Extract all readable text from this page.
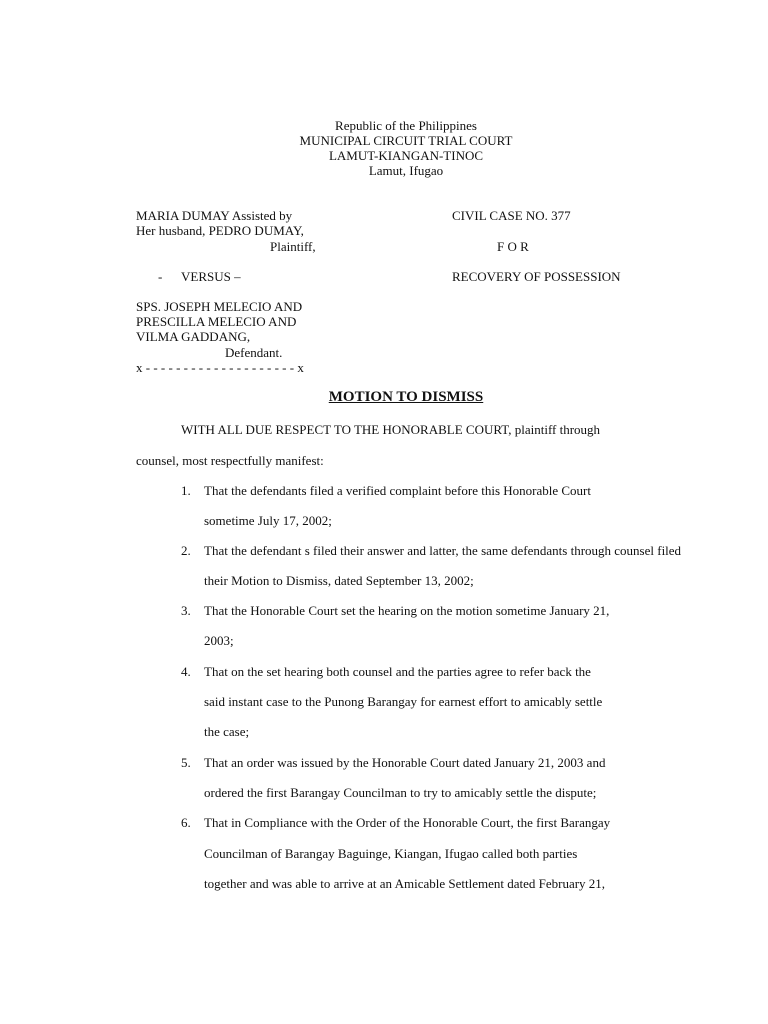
Republic of the Philippines
MUNICIPAL CIRCUIT TRIAL COURT
LAMUT-KIANGAN-TINOC
Lamut, Ifugao
MARIA DUMAY Assisted by
Her husband, PEDRO DUMAY,
Plaintiff,
- VERSUS –
SPS. JOSEPH MELECIO AND
PRESCILLA MELECIO AND
VILMA GADDANG,
Defendant.
x - - - - - - - - - - - - - - - - - - - - x
CIVIL CASE NO. 377
F O R
RECOVERY OF POSSESSION
MOTION TO DISMISS
WITH ALL DUE RESPECT TO THE HONORABLE COURT, plaintiff through
counsel, most respectfully manifest:
1. That the defendants filed a verified complaint before this Honorable Court
sometime July 17, 2002;
2. That the defendant s filed their answer and latter, the same defendants through counsel filed
their Motion to Dismiss, dated September 13, 2002;
3. That the Honorable Court set the hearing on the motion sometime January 21,
2003;
4. That on the set hearing both counsel and the parties agree to refer back the
said instant case to the Punong Barangay for earnest effort to amicably settle
the case;
5. That an order was issued by the Honorable Court dated January 21, 2003 and
ordered the first Barangay Councilman to try to amicably settle the dispute;
6. That in Compliance with the Order of the Honorable Court, the first Barangay
Councilman of Barangay Baguinge, Kiangan, Ifugao called both parties
together and was able to arrive at an Amicable Settlement dated February 21,
